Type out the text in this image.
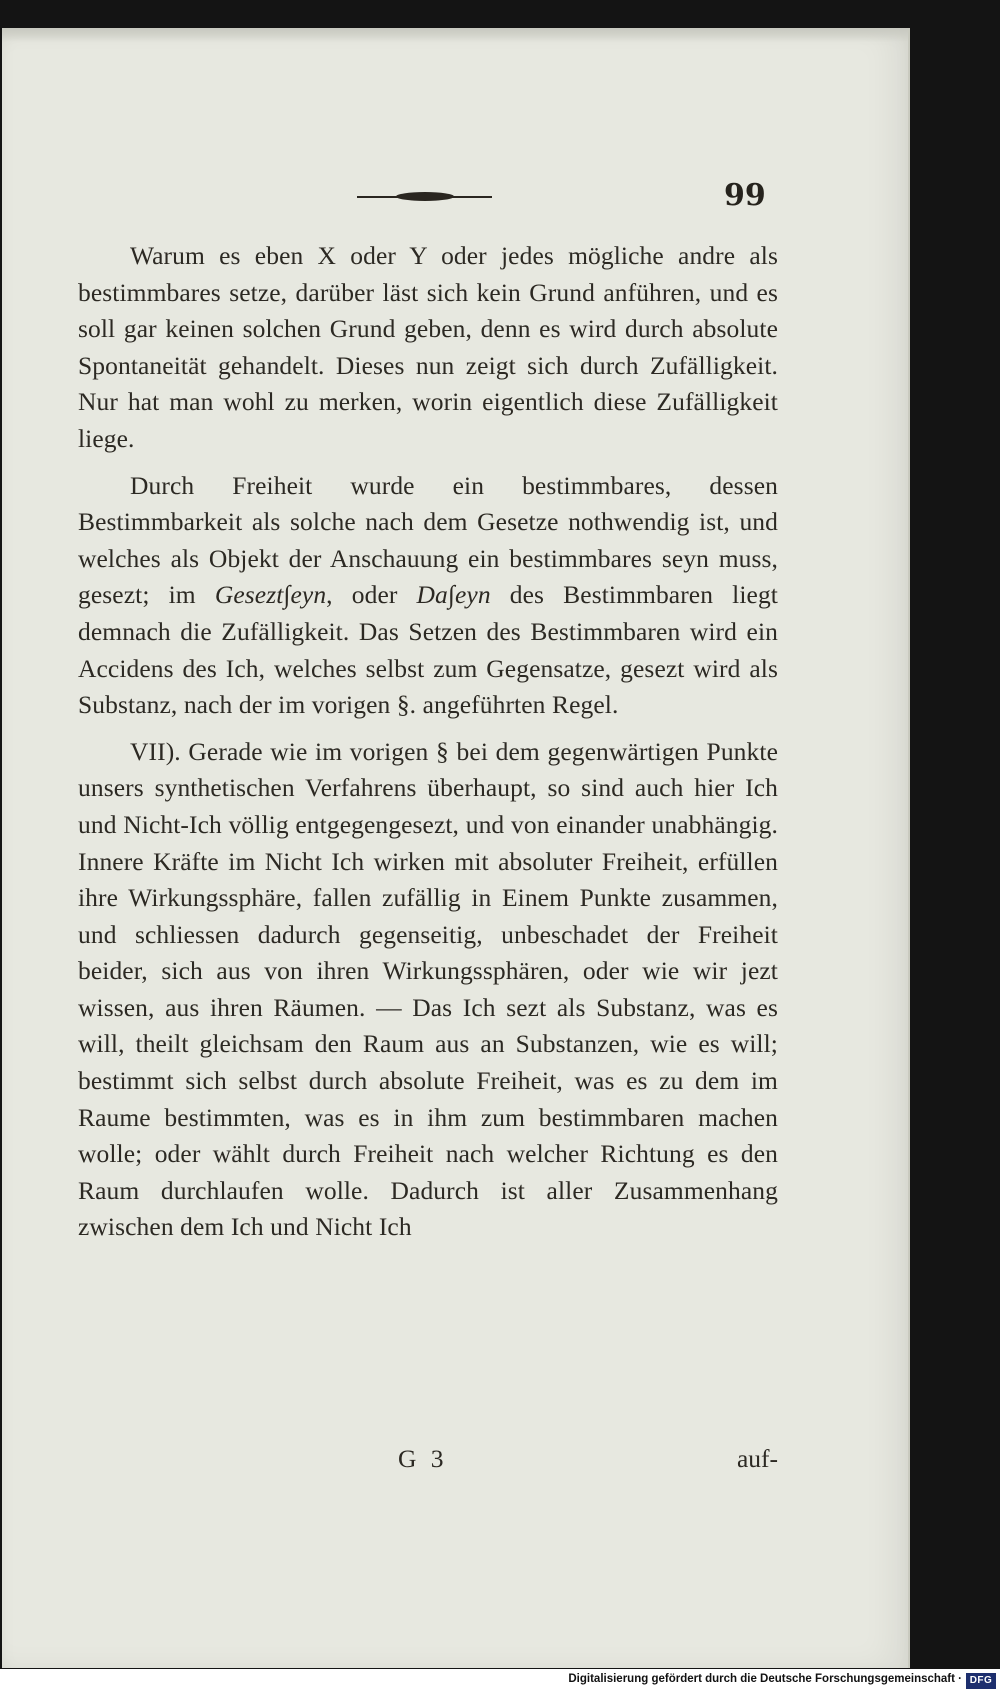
99

Warum es eben X oder Y oder jedes mögliche andre als bestimmbares setze, darüber läst sich kein Grund anführen, und es soll gar keinen solchen Grund geben, denn es wird durch absolute Spontaneität gehandelt. Dieses nun zeigt sich durch Zufälligkeit. Nur hat man wohl zu merken, worin eigentlich diese Zufälligkeit liege.

Durch Freiheit wurde ein bestimmbares, dessen Bestimmbarkeit als solche nach dem Gesetze nothwendig ist, und welches als Objekt der Anschauung ein bestimmbares seyn muss, gesezt; im Gesezt∫eyn, oder Da∫eyn des Bestimmbaren liegt demnach die Zufälligkeit. Das Setzen des Bestimmbaren wird ein Accidens des Ich, welches selbst zum Gegensatze, gesezt wird als Substanz, nach der im vorigen §. angeführten Regel.

VII). Gerade wie im vorigen § bei dem gegenwärtigen Punkte unsers synthetischen Verfahrens überhaupt, so sind auch hier Ich und Nicht-Ich völlig entgegengesezt, und von einander unabhängig. Innere Kräfte im Nicht Ich wirken mit absoluter Freiheit, erfüllen ihre Wirkungssphäre, fallen zufällig in Einem Punkte zusammen, und schliessen dadurch gegenseitig, unbeschadet der Freiheit beider, sich aus von ihren Wirkungssphären, oder wie wir jezt wissen, aus ihren Räumen. — Das Ich sezt als Substanz, was es will, theilt gleichsam den Raum aus an Substanzen, wie es will; bestimmt sich selbst durch absolute Freiheit, was es zu dem im Raume bestimmten, was es in ihm zum bestimmbaren machen wolle; oder wählt durch Freiheit nach welcher Richtung es den Raum durchlaufen wolle. Dadurch ist aller Zusammenhang zwischen dem Ich und Nicht Ich

G 3	auf-
Digitalisierung gefördert durch die Deutsche Forschungsgemeinschaft · DFG
